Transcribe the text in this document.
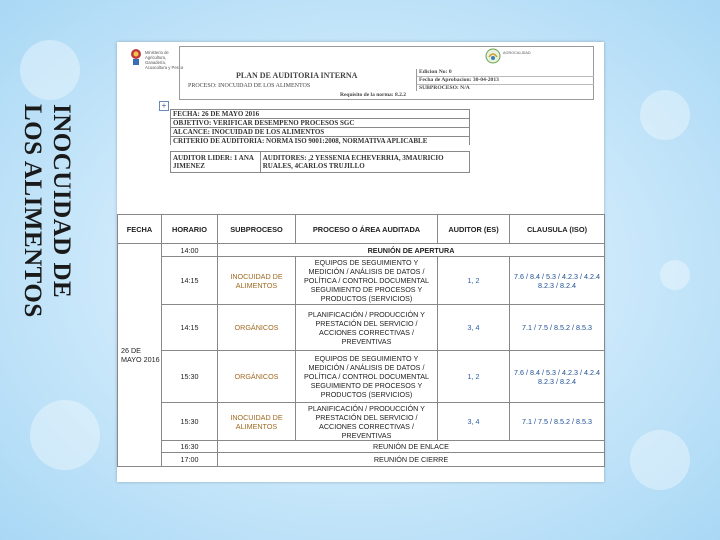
INOCUIDAD DE LOS ALIMENTOS
Ministerio de Agricultura, Ganadería, Acuacultura y Pesca
PLAN DE AUDITORIA INTERNA
PROCESO: INOCUIDAD DE LOS ALIMENTOS
Requisito de la norma: 8.2.2
Edicion No: 0
Fecha de Aprobacion: 30-04-2013
SUBPROCESO: N/A
AGROCALIDAD
+
FECHA: 26 DE MAYO 2016
OBJETIVO: VERIFICAR DESEMPENO PROCESOS SGC
ALCANCE: INOCUIDAD DE LOS ALIMENTOS
CRITERIO DE AUDITORIA: NORMA ISO 9001:2008, NORMATIVA APLICABLE
AUDITOR LIDER: 1 ANA JIMENEZ
AUDITORES: ,2 YESSENIA ECHEVERRIA, 3MAURICIO RUALES, 4CARLOS TRUJILLO
FECHA	HORARIO	SUBPROCESO	PROCESO O ÁREA AUDITADA	AUDITOR (ES)	CLAUSULA (ISO)
26 DE MAYO 2016	14:00	REUNIÓN DE APERTURA			
	14:15	INOCUIDAD DE ALIMENTOS	EQUIPOS DE SEGUIMIENTO Y MEDICIÓN / ANÁLISIS DE DATOS / POLÍTICA / CONTROL DOCUMENTAL SEGUIMIENTO DE PROCESOS Y PRODUCTOS (SERVICIOS)	1, 2	7.6 / 8.4 / 5.3 / 4.2.3 / 4.2.4 8.2.3 / 8.2.4
	14:15	ORGÁNICOS	PLANIFICACIÓN / PRODUCCIÓN Y PRESTACIÓN DEL SERVICIO / ACCIONES CORRECTIVAS / PREVENTIVAS	3, 4	7.1 / 7.5 / 8.5.2 / 8.5.3
	15:30	ORGÁNICOS	EQUIPOS DE SEGUIMIENTO Y MEDICIÓN / ANÁLISIS DE DATOS / POLÍTICA / CONTROL DOCUMENTAL SEGUIMIENTO DE PROCESOS Y PRODUCTOS (SERVICIOS)	1, 2	7.6 / 8.4 / 5.3 / 4.2.3 / 4.2.4 8.2.3 / 8.2.4
	15:30	INOCUIDAD DE ALIMENTOS	PLANIFICACIÓN / PRODUCCIÓN Y PRESTACIÓN DEL SERVICIO / ACCIONES CORRECTIVAS / PREVENTIVAS	3, 4	7.1 / 7.5 / 8.5.2 / 8.5.3
	16:30	REUNIÓN DE ENLACE			
	17:00	REUNIÓN DE CIERRE			
